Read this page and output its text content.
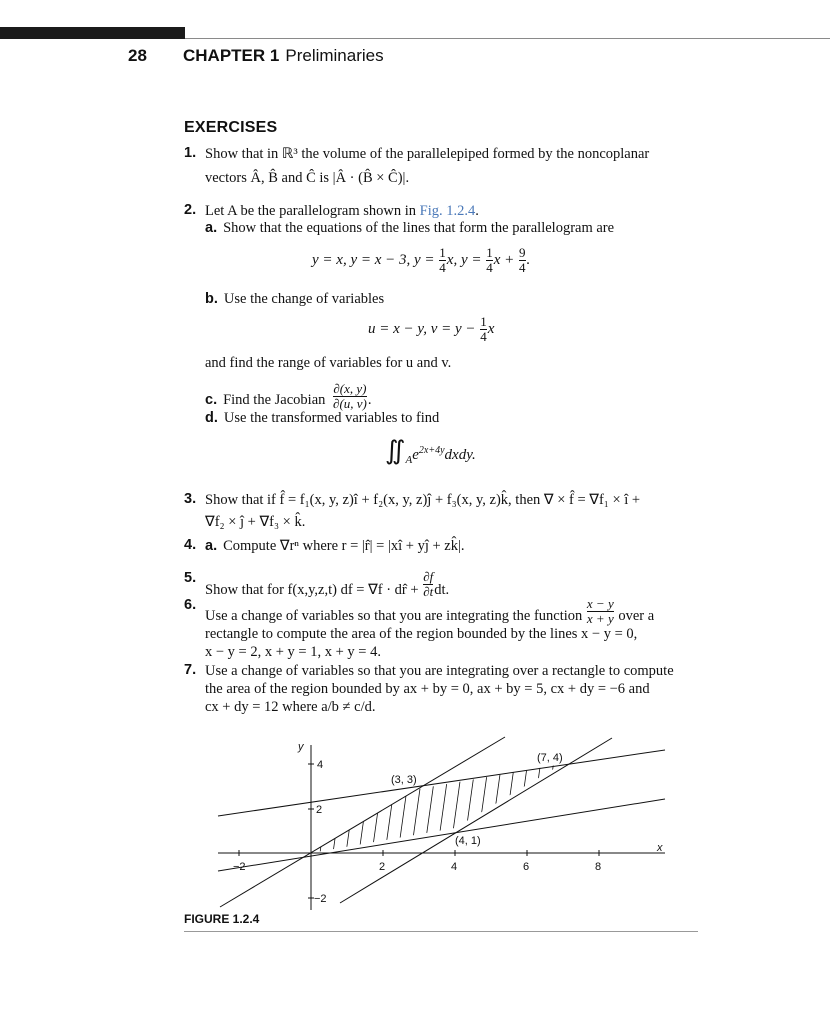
28 CHAPTER 1 Preliminaries
EXERCISES
1. Show that in ℝ³ the volume of the parallelepiped formed by the noncoplanar
vectors Â, B̂ and Ĉ is |Â · (B̂ × Ĉ)|.
2. Let A be the parallelogram shown in Fig. 1.2.4.
a. Show that the equations of the lines that form the parallelogram are
y = x, y = x − 3, $y = \frac{1}{4} x$, $y = \frac{1}{4}$ $x + \frac{9}{4}$ .
b. Use the change of variables
u = x − y, $v = y - \frac{1}{4}$ x
and find the range of variables for u and v.
c. Find the Jacobian $\frac{\partial(x, y)}{\partial(u, v)}$ .
d. Use the transformed variables to find
$∬_Ae^{2x+4y}dxdy$.
3. Show that if f̂ = f₁(x, y, z)î + f₂(x, y, z)ĵ + f₃(x, y, z)k̂, then ∇ × f̂ = ∇f₁ × î +
∇f₂ × ĵ + ∇f₃ × k̂.
4. a. Compute ∇rⁿ where r = |r̂| = |xî + yĵ + zk̂|.
5.
Show that for f(x,y,z,t) df = ∇f · dr̂ + $\frac{\partial f}{\partial t}$ dt.
6.
Use a change of variables so that you are integrating the function $\frac{x - y}{x + y}$ over a
rectangle to compute the area of the region bounded by the lines x − y = 0,
x − y = 2, x + y = 1, x + y = 4.
7. Use a change of variables so that you are integrating over a rectangle to compute
the area of the region bounded by ax + by = 0, ax + by = 5, cx + dy = −6 and
cx + dy = 12 where a/b ≠ c/d.
y
x
−2	2	4	6	8
4
2
−2
(3, 3)
(7, 4)
(4, 1)
FIGURE 1.2.4
